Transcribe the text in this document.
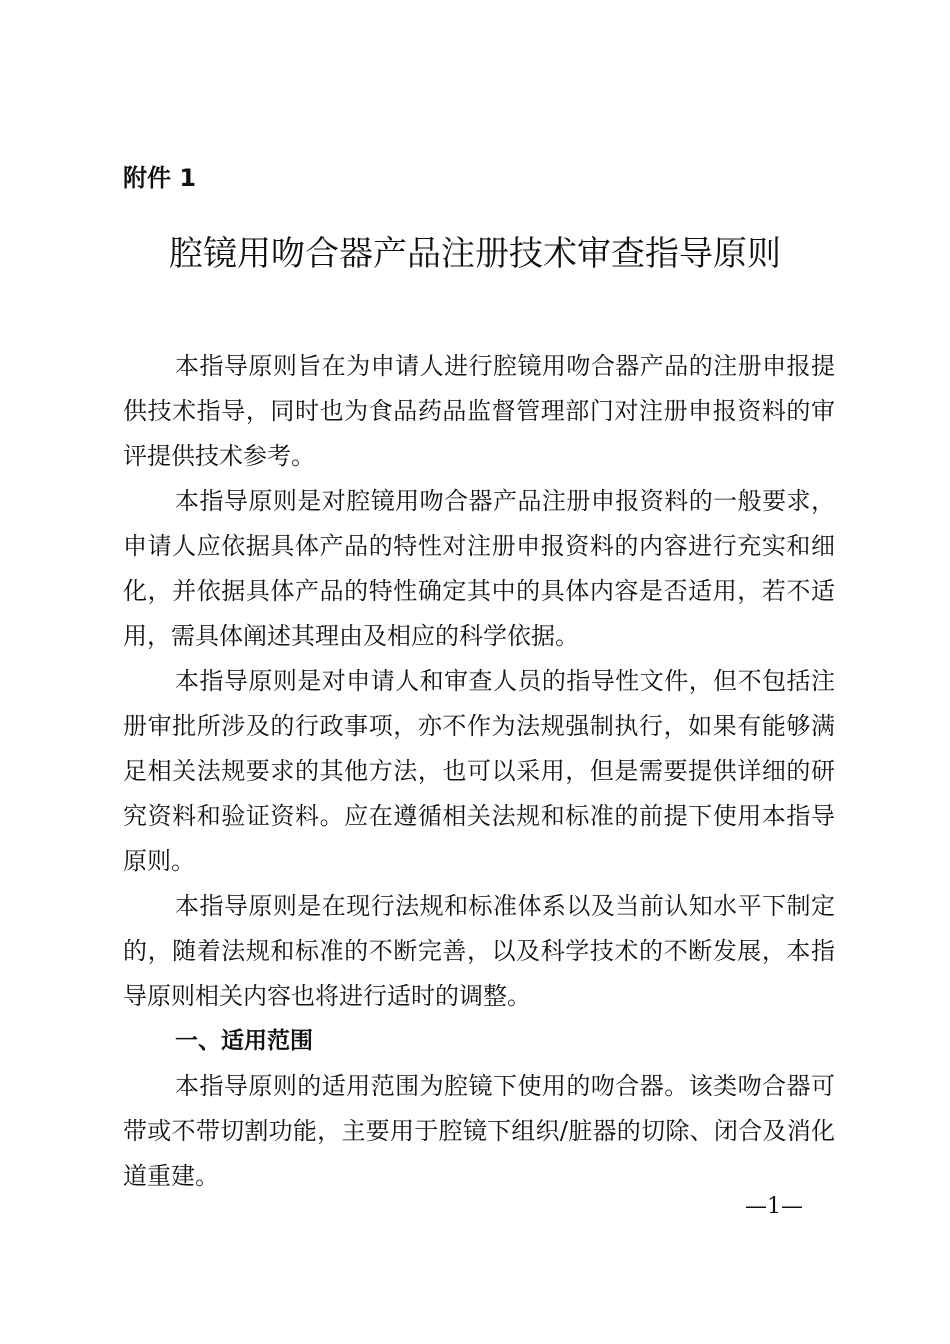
附件 1
腔镜用吻合器产品注册技术审查指导原则

本指导原则旨在为申请人进行腔镜用吻合器产品的注册申报提供技术指导，同时也为食品药品监督管理部门对注册申报资料的审评提供技术参考。

本指导原则是对腔镜用吻合器产品注册申报资料的一般要求，申请人应依据具体产品的特性对注册申报资料的内容进行充实和细化，并依据具体产品的特性确定其中的具体内容是否适用，若不适用，需具体阐述其理由及相应的科学依据。

本指导原则是对申请人和审查人员的指导性文件，但不包括注册审批所涉及的行政事项，亦不作为法规强制执行，如果有能够满足相关法规要求的其他方法，也可以采用，但是需要提供详细的研究资料和验证资料。应在遵循相关法规和标准的前提下使用本指导原则。

本指导原则是在现行法规和标准体系以及当前认知水平下制定的，随着法规和标准的不断完善，以及科学技术的不断发展，本指导原则相关内容也将进行适时的调整。

一、适用范围

本指导原则的适用范围为腔镜下使用的吻合器。该类吻合器可带或不带切割功能，主要用于腔镜下组织/脏器的切除、闭合及消化道重建。

—1—
